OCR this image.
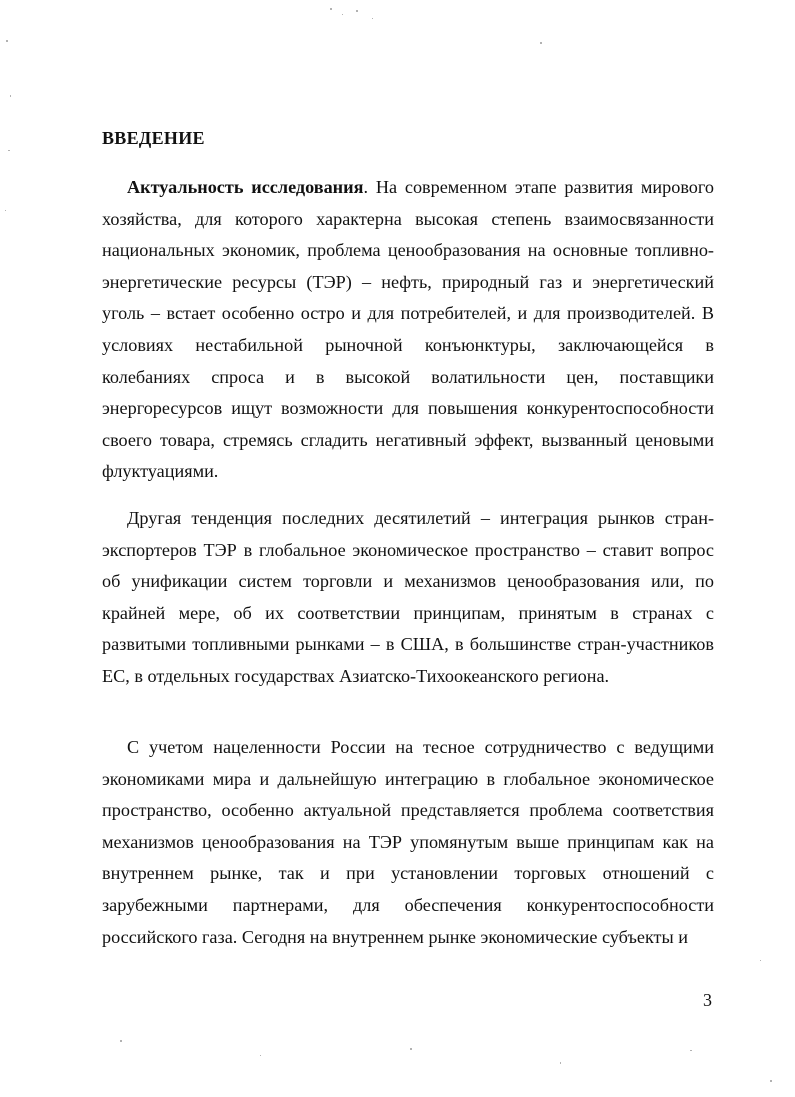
ВВЕДЕНИЕ

Актуальность исследования. На современном этапе развития мирового хозяйства, для которого характерна высокая степень взаимосвязанности национальных экономик, проблема ценообразования на основные топливно-энергетические ресурсы (ТЭР) – нефть, природный газ и энергетический уголь – встает особенно остро и для потребителей, и для производителей. В условиях нестабильной рыночной конъюнктуры, заключающейся в колебаниях спроса и в высокой волатильности цен, поставщики энергоресурсов ищут возможности для повышения конкурентоспособности своего товара, стремясь сгладить негативный эффект, вызванный ценовыми флуктуациями.

Другая тенденция последних десятилетий – интеграция рынков стран-экспортеров ТЭР в глобальное экономическое пространство – ставит вопрос об унификации систем торговли и механизмов ценообразования или, по крайней мере, об их соответствии принципам, принятым в странах с развитыми топливными рынками – в США, в большинстве стран-участников ЕС, в отдельных государствах Азиатско-Тихоокеанского региона.

С учетом нацеленности России на тесное сотрудничество с ведущими экономиками мира и дальнейшую интеграцию в глобальное экономическое пространство, особенно актуальной представляется проблема соответствия механизмов ценообразования на ТЭР упомянутым выше принципам как на внутреннем рынке, так и при установлении торговых отношений с зарубежными партнерами, для обеспечения конкурентоспособности российского газа. Сегодня на внутреннем рынке экономические субъекты и

3
